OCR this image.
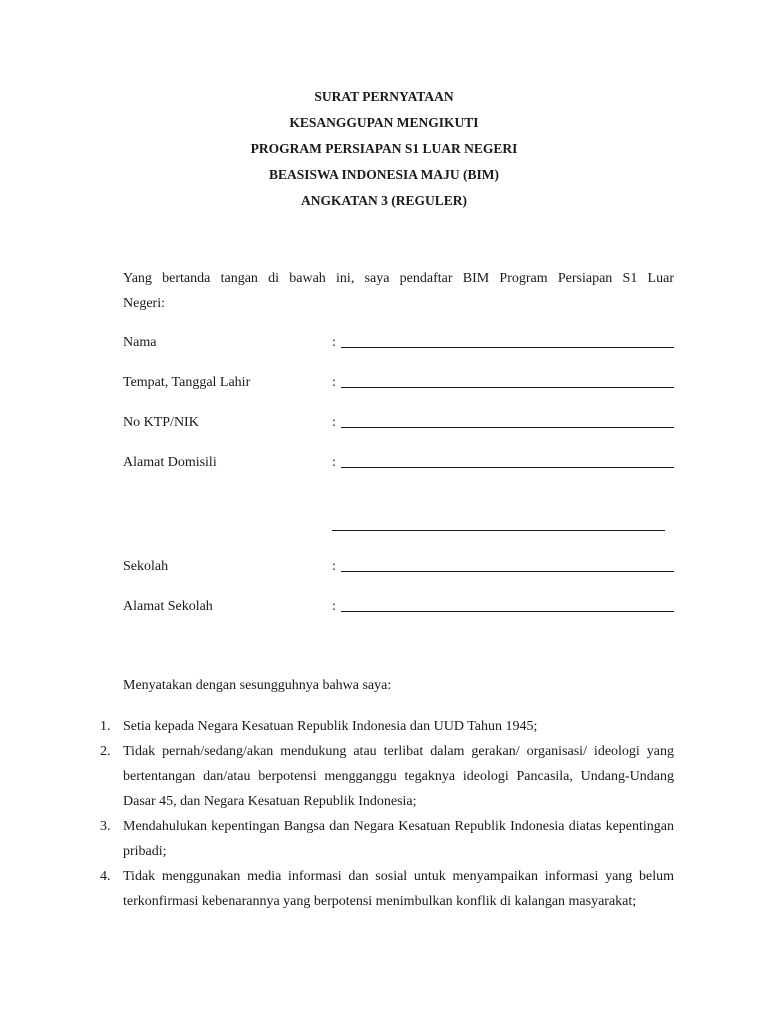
SURAT PERNYATAAN
KESANGGUPAN MENGIKUTI
PROGRAM PERSIAPAN S1 LUAR NEGERI
BEASISWA INDONESIA MAJU (BIM)
ANGKATAN 3 (REGULER)
Yang bertanda tangan di bawah ini, saya pendaftar BIM Program Persiapan S1 Luar
Negeri:
Nama	:
Tempat, Tanggal Lahir	:
No KTP/NIK	:
Alamat Domisili	:
Sekolah	:
Alamat Sekolah	:
Menyatakan dengan sesungguhnya bahwa saya:
1. Setia kepada Negara Kesatuan Republik Indonesia dan UUD Tahun 1945;
2. Tidak pernah/sedang/akan mendukung atau terlibat dalam gerakan/ organisasi/ ideologi yang bertentangan dan/atau berpotensi mengganggu tegaknya ideologi Pancasila, Undang-Undang Dasar 45, dan Negara Kesatuan Republik Indonesia;
3. Mendahulukan kepentingan Bangsa dan Negara Kesatuan Republik Indonesia diatas kepentingan pribadi;
4. Tidak menggunakan media informasi dan sosial untuk menyampaikan informasi yang belum terkonfirmasi kebenarannya yang berpotensi menimbulkan konflik di kalangan masyarakat;
